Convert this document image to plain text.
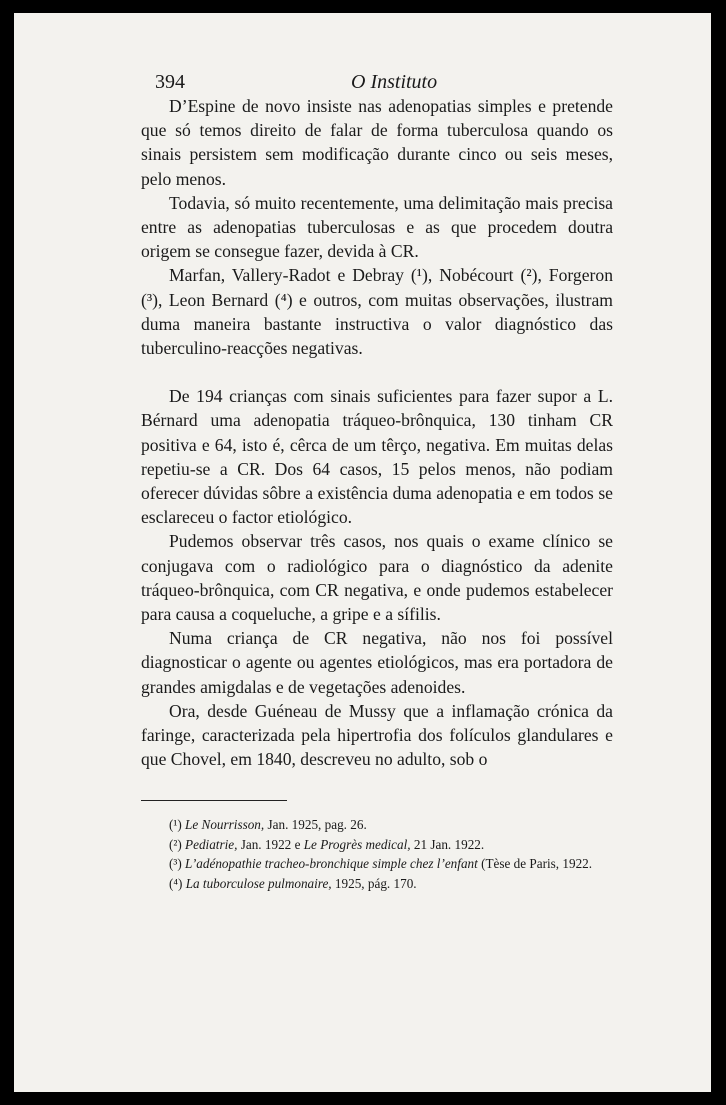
394	O Instituto

D’Espine de novo insiste nas adenopatias simples e pretende que só temos direito de falar de forma tuberculosa quando os sinais persistem sem modificação durante cinco ou seis meses, pelo menos.

Todavia, só muito recentemente, uma delimitação mais precisa entre as adenopatias tuberculosas e as que procedem doutra origem se consegue fazer, devida à CR.

Marfan, Vallery-Radot e Debray (¹), Nobécourt (²), Forgeron (³), Leon Bernard (⁴) e outros, com muitas observações, ilustram duma maneira bastante instructiva o valor diagnóstico das tuberculino-reacções negativas.

De 194 crianças com sinais suficientes para fazer supor a L. Bérnard uma adenopatia tráqueo-brônquica, 130 tinham CR positiva e 64, isto é, cêrca de um têrço, negativa. Em muitas delas repetiu-se a CR. Dos 64 casos, 15 pelos menos, não podiam oferecer dúvidas sôbre a existência duma adenopatia e em todos se esclareceu o factor etiológico.

Pudemos observar três casos, nos quais o exame clínico se conjugava com o radiológico para o diagnóstico da adenite tráqueo-brônquica, com CR negativa, e onde pudemos estabelecer para causa a coqueluche, a gripe e a sífilis.

Numa criança de CR negativa, não nos foi possível diagnosticar o agente ou agentes etiológicos, mas era portadora de grandes amigdalas e de vegetações adenoides.

Ora, desde Guéneau de Mussy que a inflamação crónica da faringe, caracterizada pela hipertrofia dos folículos glandulares e que Chovel, em 1840, descreveu no adulto, sob o

(¹) Le Nourrisson, Jan. 1925, pag. 26.

(²) Pediatrie, Jan. 1922 e Le Progrès medical, 21 Jan. 1922.

(³) L’adénopathie tracheo-bronchique simple chez l’enfant (Tèse de Paris, 1922.

(⁴) La tuborculose pulmonaire, 1925, pág. 170.
